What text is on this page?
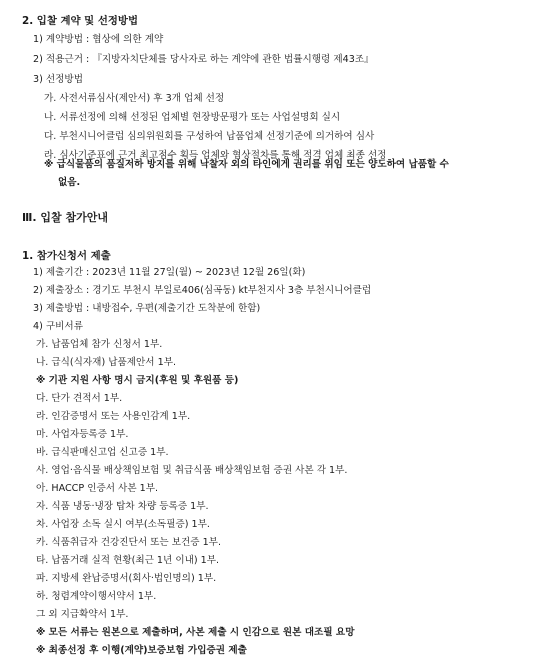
2. 입찰 계약 및 선정방법
1) 계약방법 : 협상에 의한 계약
2) 적용근거 : 『지방자치단체를 당사자로 하는 계약에 관한 법률시행령 제43조』
3) 선정방법
가. 사전서류심사(제안서) 후 3개 업체 선정
나. 서류선정에 의해 선정된 업체별 현장방문평가 또는 사업설명회 실시
다. 부천시니어클럽 심의위원회를 구성하여 납품업체 선정기준에 의거하여 심사
라. 심사기준표에 근거 최고점수 획득 업체와 협상절차를 통해 적격 업체 최종 선정
※ 급식물품의 품질저하 방지를 위해 낙찰자 외의 타인에게 권리를 위임 또는 양도하여 납품할 수
없음.
Ⅲ. 입찰 참가안내
1. 참가신청서 제출
1) 제출기간 : 2023년 11월 27일(월) ~ 2023년 12월 26일(화)
2) 제출장소 : 경기도 부천시 부일로406(심곡동) kt부천지사 3층 부천시니어클럽
3) 제출방법 : 내방접수, 우편(제출기간 도착분에 한함)
4) 구비서류
가. 납품업체 참가 신청서 1부.
나. 급식(식자재) 납품제안서 1부.
※ 기관 지원 사항 명시 금지(후원 및 후원품 등)
다. 단가 견적서 1부.
라. 인감증명서 또는 사용인감계 1부.
마. 사업자등록증 1부.
바. 급식판매신고업 신고증 1부.
사. 영업·음식물 배상책임보험 및 취급식품 배상책임보험 증권 사본 각 1부.
아. HACCP 인증서 사본 1부.
자. 식품 냉동·냉장 탑차 차량 등록증 1부.
차. 사업장 소독 실시 여부(소독필증) 1부.
카. 식품취급자 건강진단서 또는 보건증 1부.
타. 납품거래 실적 현황(최근 1년 이내) 1부.
파. 지방세 완납증명서(회사·법인명의) 1부.
하. 청렴계약이행서약서 1부.
그 외 지급확약서 1부.
※ 모든 서류는 원본으로 제출하며, 사본 제출 시 인감으로 원본 대조필 요망
※ 최종선정 후 이행(계약)보증보험 가입증권 제출
